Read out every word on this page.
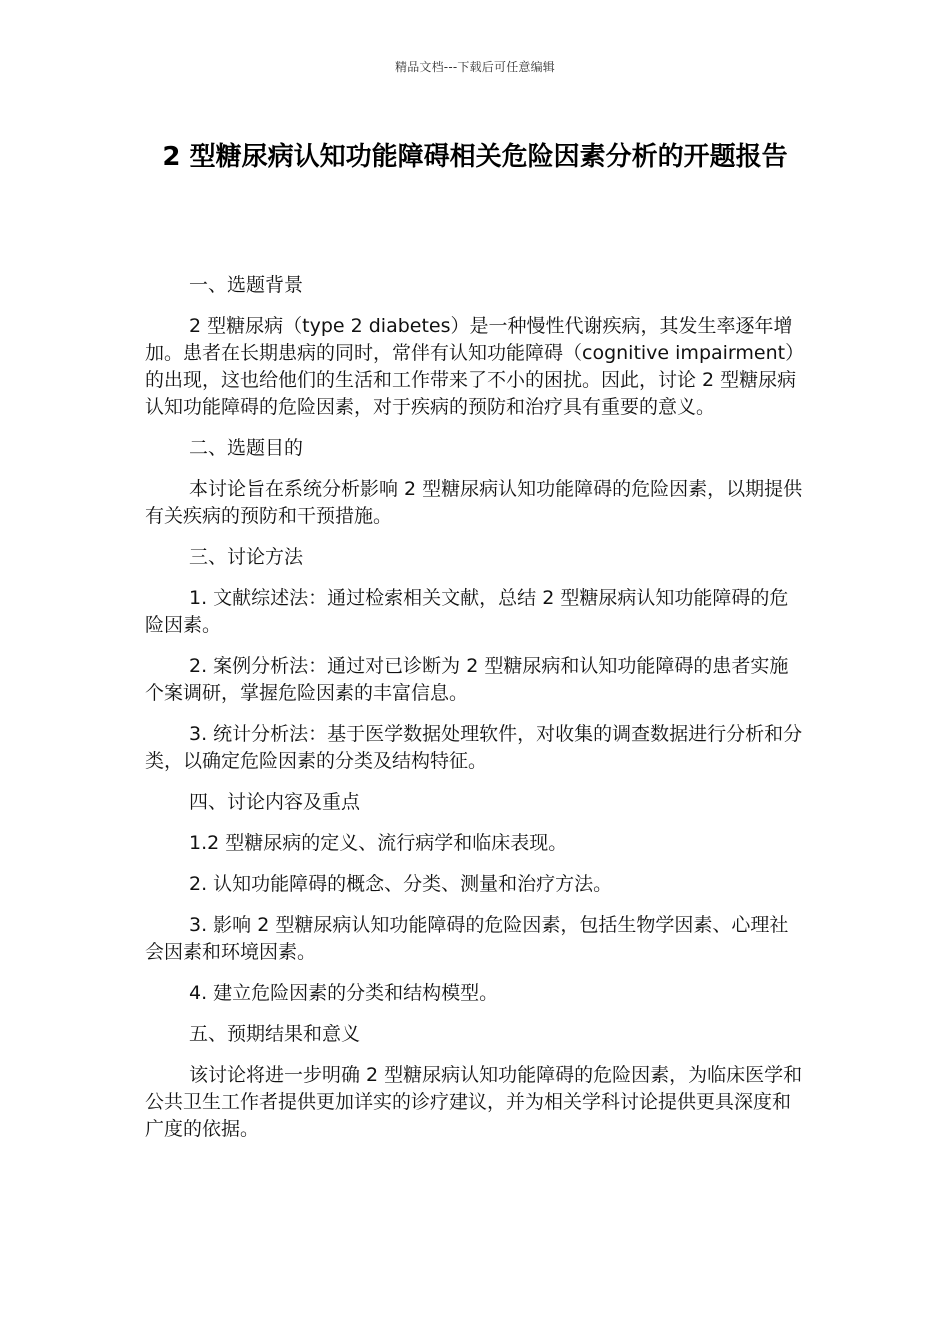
精品文档---下载后可任意编辑
2 型糖尿病认知功能障碍相关危险因素分析的开题报告

一、选题背景

2 型糖尿病（type 2 diabetes）是一种慢性代谢疾病，其发生率逐年增加。患者在长期患病的同时，常伴有认知功能障碍（cognitive impairment）的出现，这也给他们的生活和工作带来了不小的困扰。因此，讨论 2 型糖尿病认知功能障碍的危险因素，对于疾病的预防和治疗具有重要的意义。

二、选题目的

本讨论旨在系统分析影响 2 型糖尿病认知功能障碍的危险因素，以期提供有关疾病的预防和干预措施。

三、讨论方法

1. 文献综述法：通过检索相关文献，总结 2 型糖尿病认知功能障碍的危险因素。

2. 案例分析法：通过对已诊断为 2 型糖尿病和认知功能障碍的患者实施个案调研，掌握危险因素的丰富信息。

3. 统计分析法：基于医学数据处理软件，对收集的调查数据进行分析和分类，以确定危险因素的分类及结构特征。

四、讨论内容及重点

1.2 型糖尿病的定义、流行病学和临床表现。

2. 认知功能障碍的概念、分类、测量和治疗方法。

3. 影响 2 型糖尿病认知功能障碍的危险因素，包括生物学因素、心理社会因素和环境因素。

4. 建立危险因素的分类和结构模型。

五、预期结果和意义

该讨论将进一步明确 2 型糖尿病认知功能障碍的危险因素，为临床医学和公共卫生工作者提供更加详实的诊疗建议，并为相关学科讨论提供更具深度和广度的依据。
